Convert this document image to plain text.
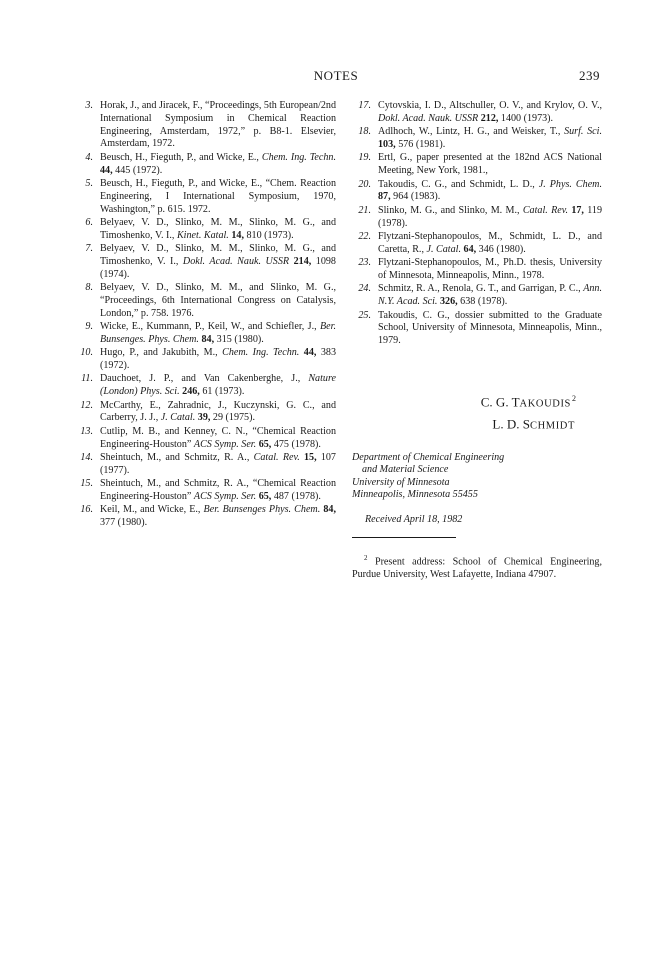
NOTES	239
3. Horak, J., and Jiracek, F., “Proceedings, 5th European/2nd International Symposium in Chemical Reaction Engineering, Amsterdam, 1972,” p. B8-1. Elsevier, Amsterdam, 1972.
4. Beusch, H., Fieguth, P., and Wicke, E., Chem. Ing. Techn. 44, 445 (1972).
5. Beusch, H., Fieguth, P., and Wicke, E., “Chem. Reaction Engineering, I International Symposium, 1970, Washington,” p. 615. 1972.
6. Belyaev, V. D., Slinko, M. M., Slinko, M. G., and Timoshenko, V. I., Kinet. Katal. 14, 810 (1973).
7. Belyaev, V. D., Slinko, M. M., Slinko, M. G., and Timoshenko, V. I., Dokl. Acad. Nauk. USSR 214, 1098 (1974).
8. Belyaev, V. D., Slinko, M. M., and Slinko, M. G., “Proceedings, 6th International Congress on Catalysis, London,” p. 758. 1976.
9. Wicke, E., Kummann, P., Keil, W., and Schiefler, J., Ber. Bunsenges. Phys. Chem. 84, 315 (1980).
10. Hugo, P., and Jakubith, M., Chem. Ing. Techn. 44, 383 (1972).
11. Dauchoet, J. P., and Van Cakenberghe, J., Nature (London) Phys. Sci. 246, 61 (1973).
12. McCarthy, E., Zahradnic, J., Kuczynski, G. C., and Carberry, J. J., J. Catal. 39, 29 (1975).
13. Cutlip, M. B., and Kenney, C. N., “Chemical Reaction Engineering-Houston” ACS Symp. Ser. 65, 475 (1978).
14. Sheintuch, M., and Schmitz, R. A., Catal. Rev. 15, 107 (1977).
15. Sheintuch, M., and Schmitz, R. A., “Chemical Reaction Engineering-Houston” ACS Symp. Ser. 65, 487 (1978).
16. Keil, M., and Wicke, E., Ber. Bunsenges Phys. Chem. 84, 377 (1980).
17. Cytovskia, I. D., Altschuller, O. V., and Krylov, O. V., Dokl. Acad. Nauk. USSR 212, 1400 (1973).
18. Adlhoch, W., Lintz, H. G., and Weisker, T., Surf. Sci. 103, 576 (1981).
19. Ertl, G., paper presented at the 182nd ACS National Meeting, New York, 1981.,
20. Takoudis, C. G., and Schmidt, L. D., J. Phys. Chem. 87, 964 (1983).
21. Slinko, M. G., and Slinko, M. M., Catal. Rev. 17, 119 (1978).
22. Flytzani-Stephanopoulos, M., Schmidt, L. D., and Caretta, R., J. Catal. 64, 346 (1980).
23. Flytzani-Stephanopoulos, M., Ph.D. thesis, University of Minnesota, Minneapolis, Minn., 1978.
24. Schmitz, R. A., Renola, G. T., and Garrigan, P. C., Ann. N.Y. Acad. Sci. 326, 638 (1978).
25. Takoudis, C. G., dossier submitted to the Graduate School, University of Minnesota, Minneapolis, Minn., 1979.
C. G. TAKOUDIS$^2$
L. D. SCHMIDT
Department of Chemical Engineering
and Material Science
University of Minnesota
Minneapolis, Minnesota 55455
Received April 18, 1982
$^2$ Present address: School of Chemical Engineering, Purdue University, West Lafayette, Indiana 47907.
